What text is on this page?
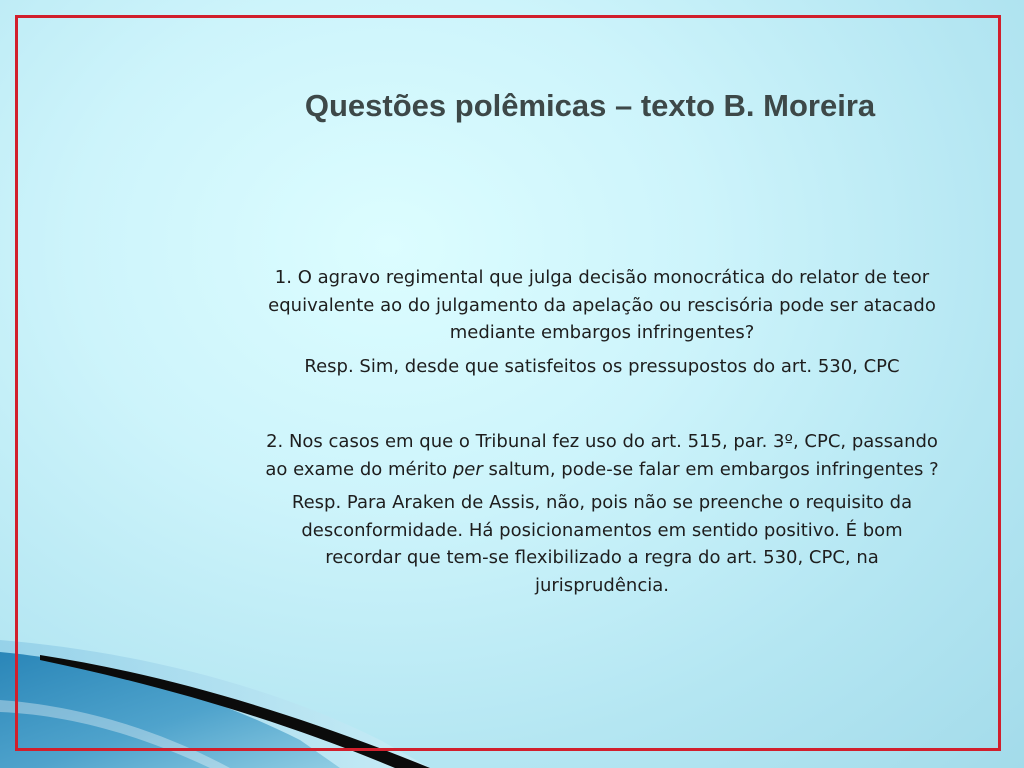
Questões polêmicas – texto B. Moreira

1. O agravo regimental que julga decisão monocrática do relator de teor equivalente ao do julgamento da apelação ou rescisória pode ser atacado mediante embargos infringentes?

Resp. Sim, desde que satisfeitos os pressupostos do art. 530, CPC

2. Nos casos em que o Tribunal fez uso do art. 515, par. 3º, CPC, passando ao exame do mérito per saltum, pode-se falar em embargos infringentes ?

Resp. Para Araken de Assis, não, pois não se preenche o requisito da desconformidade. Há posicionamentos em sentido positivo. É bom recordar que tem-se flexibilizado a regra do art. 530, CPC, na jurisprudência.
